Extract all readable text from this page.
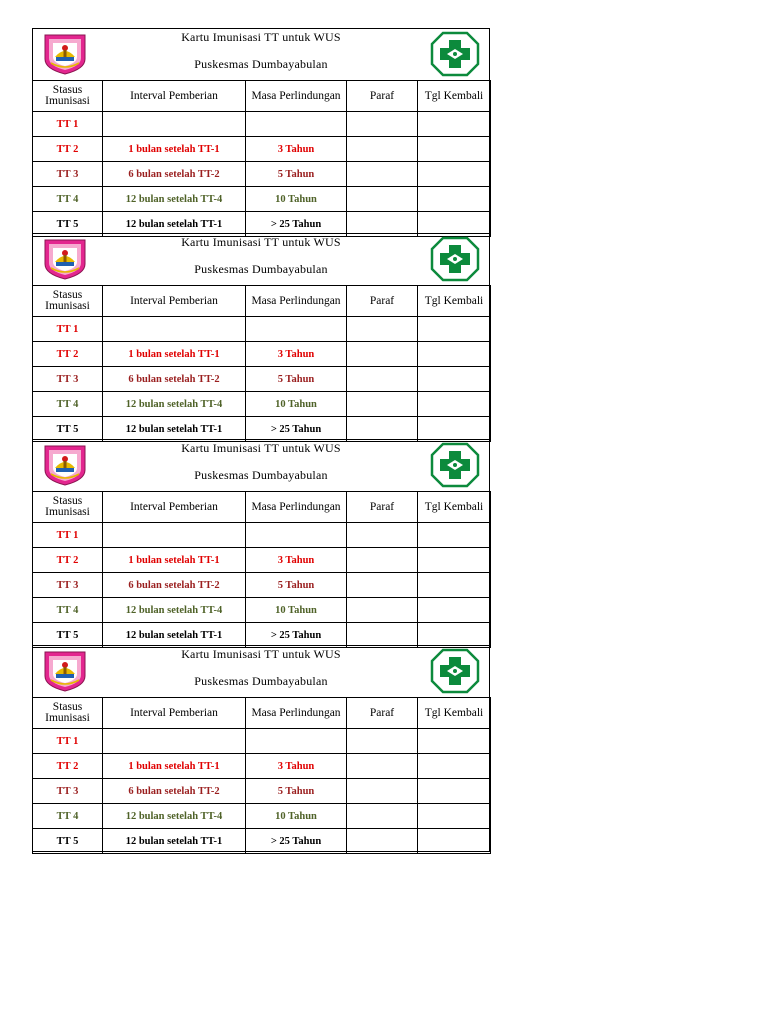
Kartu Imunisasi TT untuk WUS
Puskesmas Dumbayabulan
Stasus Imunisasi	Interval Pemberian	Masa Perlindungan	Paraf	Tgl Kembali
TT 1				
TT 2	1 bulan setelah TT-1	3 Tahun		
TT 3	6 bulan setelah TT-2	5 Tahun		
TT 4	12 bulan setelah TT-4	10 Tahun		
TT 5	12 bulan setelah TT-1	> 25 Tahun		
Kartu Imunisasi TT untuk WUS
Puskesmas Dumbayabulan
Stasus Imunisasi	Interval Pemberian	Masa Perlindungan	Paraf	Tgl Kembali
TT 1				
TT 2	1 bulan setelah TT-1	3 Tahun		
TT 3	6 bulan setelah TT-2	5 Tahun		
TT 4	12 bulan setelah TT-4	10 Tahun		
TT 5	12 bulan setelah TT-1	> 25 Tahun		
Kartu Imunisasi TT untuk WUS
Puskesmas Dumbayabulan
Stasus Imunisasi	Interval Pemberian	Masa Perlindungan	Paraf	Tgl Kembali
TT 1				
TT 2	1 bulan setelah TT-1	3 Tahun		
TT 3	6 bulan setelah TT-2	5 Tahun		
TT 4	12 bulan setelah TT-4	10 Tahun		
TT 5	12 bulan setelah TT-1	> 25 Tahun		
Kartu Imunisasi TT untuk WUS
Puskesmas Dumbayabulan
Stasus Imunisasi	Interval Pemberian	Masa Perlindungan	Paraf	Tgl Kembali
TT 1				
TT 2	1 bulan setelah TT-1	3 Tahun		
TT 3	6 bulan setelah TT-2	5 Tahun		
TT 4	12 bulan setelah TT-4	10 Tahun		
TT 5	12 bulan setelah TT-1	> 25 Tahun		
